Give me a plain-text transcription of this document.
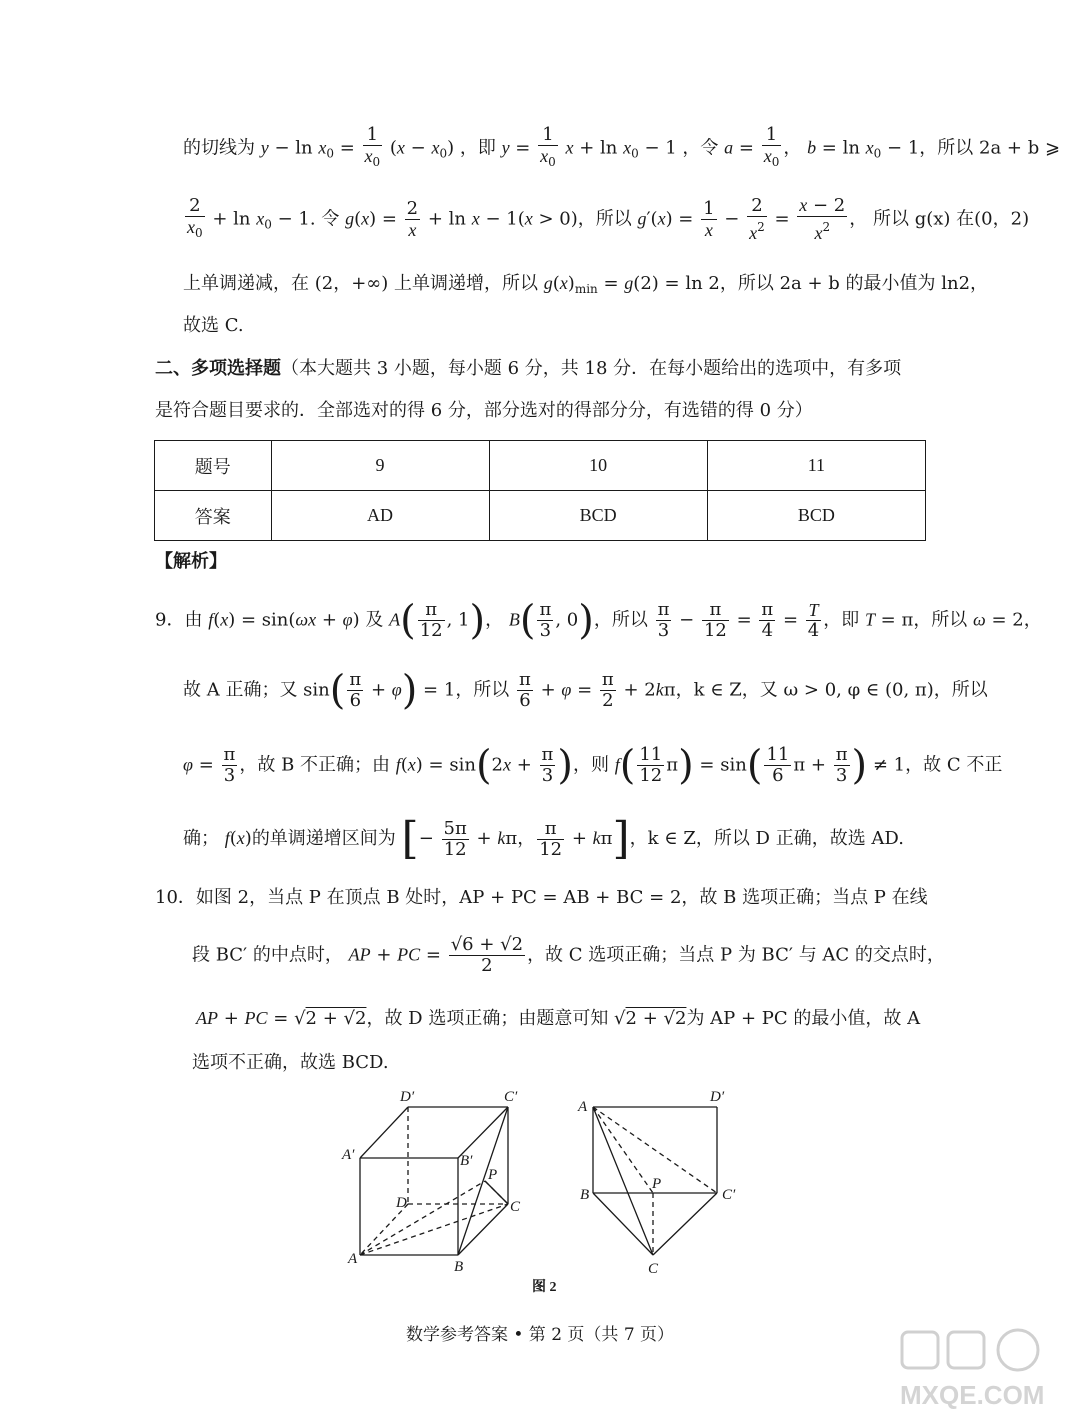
的切线为 $y - \ln x_0 = \frac{1}{x_0} (x - x_0)$ ，即 $y = \frac{1}{x_0}$ $x + \ln x_0 - 1$ ，令 $a = \frac{1}{x_0}$ ， $b = \ln x_0 - 1$，所以 2a + b ⩾
$\frac{2}{x_0} + \ln x_0 - 1$. 令 $g(x) = \frac{2}{x} + \ln x - 1(x > 0)$，所以 $g'(x) = \frac{1}{x} - \frac{2}{x^2} = \frac{x - 2}{x^2}$ ， 所以 g(x) 在(0，2)
上单调递减，在 (2，+∞) 上单调递增，所以 $g(x)_{min} = g(2) = \ln 2$，所以 2a + b 的最小值为 ln2，
故选 C.
二、多项选择题（本大题共 3 小题，每小题 6 分，共 18 分．在每小题给出的选项中，有多项
是符合题目要求的．全部选对的得 6 分，部分选对的得部分分，有选错的得 0 分）
题号	9	10	11
答案	AD	BCD	BCD
【解析】
9．由 f(x) = sin(ωx + φ) 及 $A( \frac{\pi}{12}$ , 1)， $B( \frac{\pi}{3}$ , 0)，所以 $\frac{\pi}{3} - \frac{\pi}{12} = \frac{\pi}{4} = \frac{T}{4}$ ，即 T = π，所以 ω = 2，
故 A 正确；又 $\sin( \frac{\pi}{6} + \varphi) = 1$，所以 $\frac{\pi}{6} + \varphi = \frac{\pi}{2} + 2k\pi$，k ∈ Z，又 ω > 0, φ ∈ (0, π)，所以
$\varphi = \frac{\pi}{3}$ ，故 B 不正确；由 $f(x) = \sin(2x + \frac{\pi}{3}$ )，则 $f( \frac{11}{12} \pi) = \sin( \frac{11}{6}$ $\pi + \frac{\pi}{3}$ ) ≠ 1，故 C 不正
确； f(x)的单调递增区间为 [− $\frac{5\pi}{12} + k\pi$， $\frac{\pi}{12} + k\pi$]，k ∈ Z，所以 D 正确，故选 AD.
10．如图 2，当点 P 在顶点 B 处时，AP + PC = AB + BC = 2，故 B 选项正确；当点 P 在线
段 BC′ 的中点时， AP + PC = $\frac{√6 + √2}{2}$ ，故 C 选项正确；当点 P 为 BC′ 与 AC 的交点时，
AP + PC = √2 + √2，故 D 选项正确；由题意可知 √2 + √2为 AP + PC 的最小值，故 A
选项不正确，故选 BCD.
D′	C′
A′	B′
P
D	C
A	B
A
D′
B
P
C′
C
图 2
数学参考答案 • 第 2 页（共 7 页）
MXQE.COM
